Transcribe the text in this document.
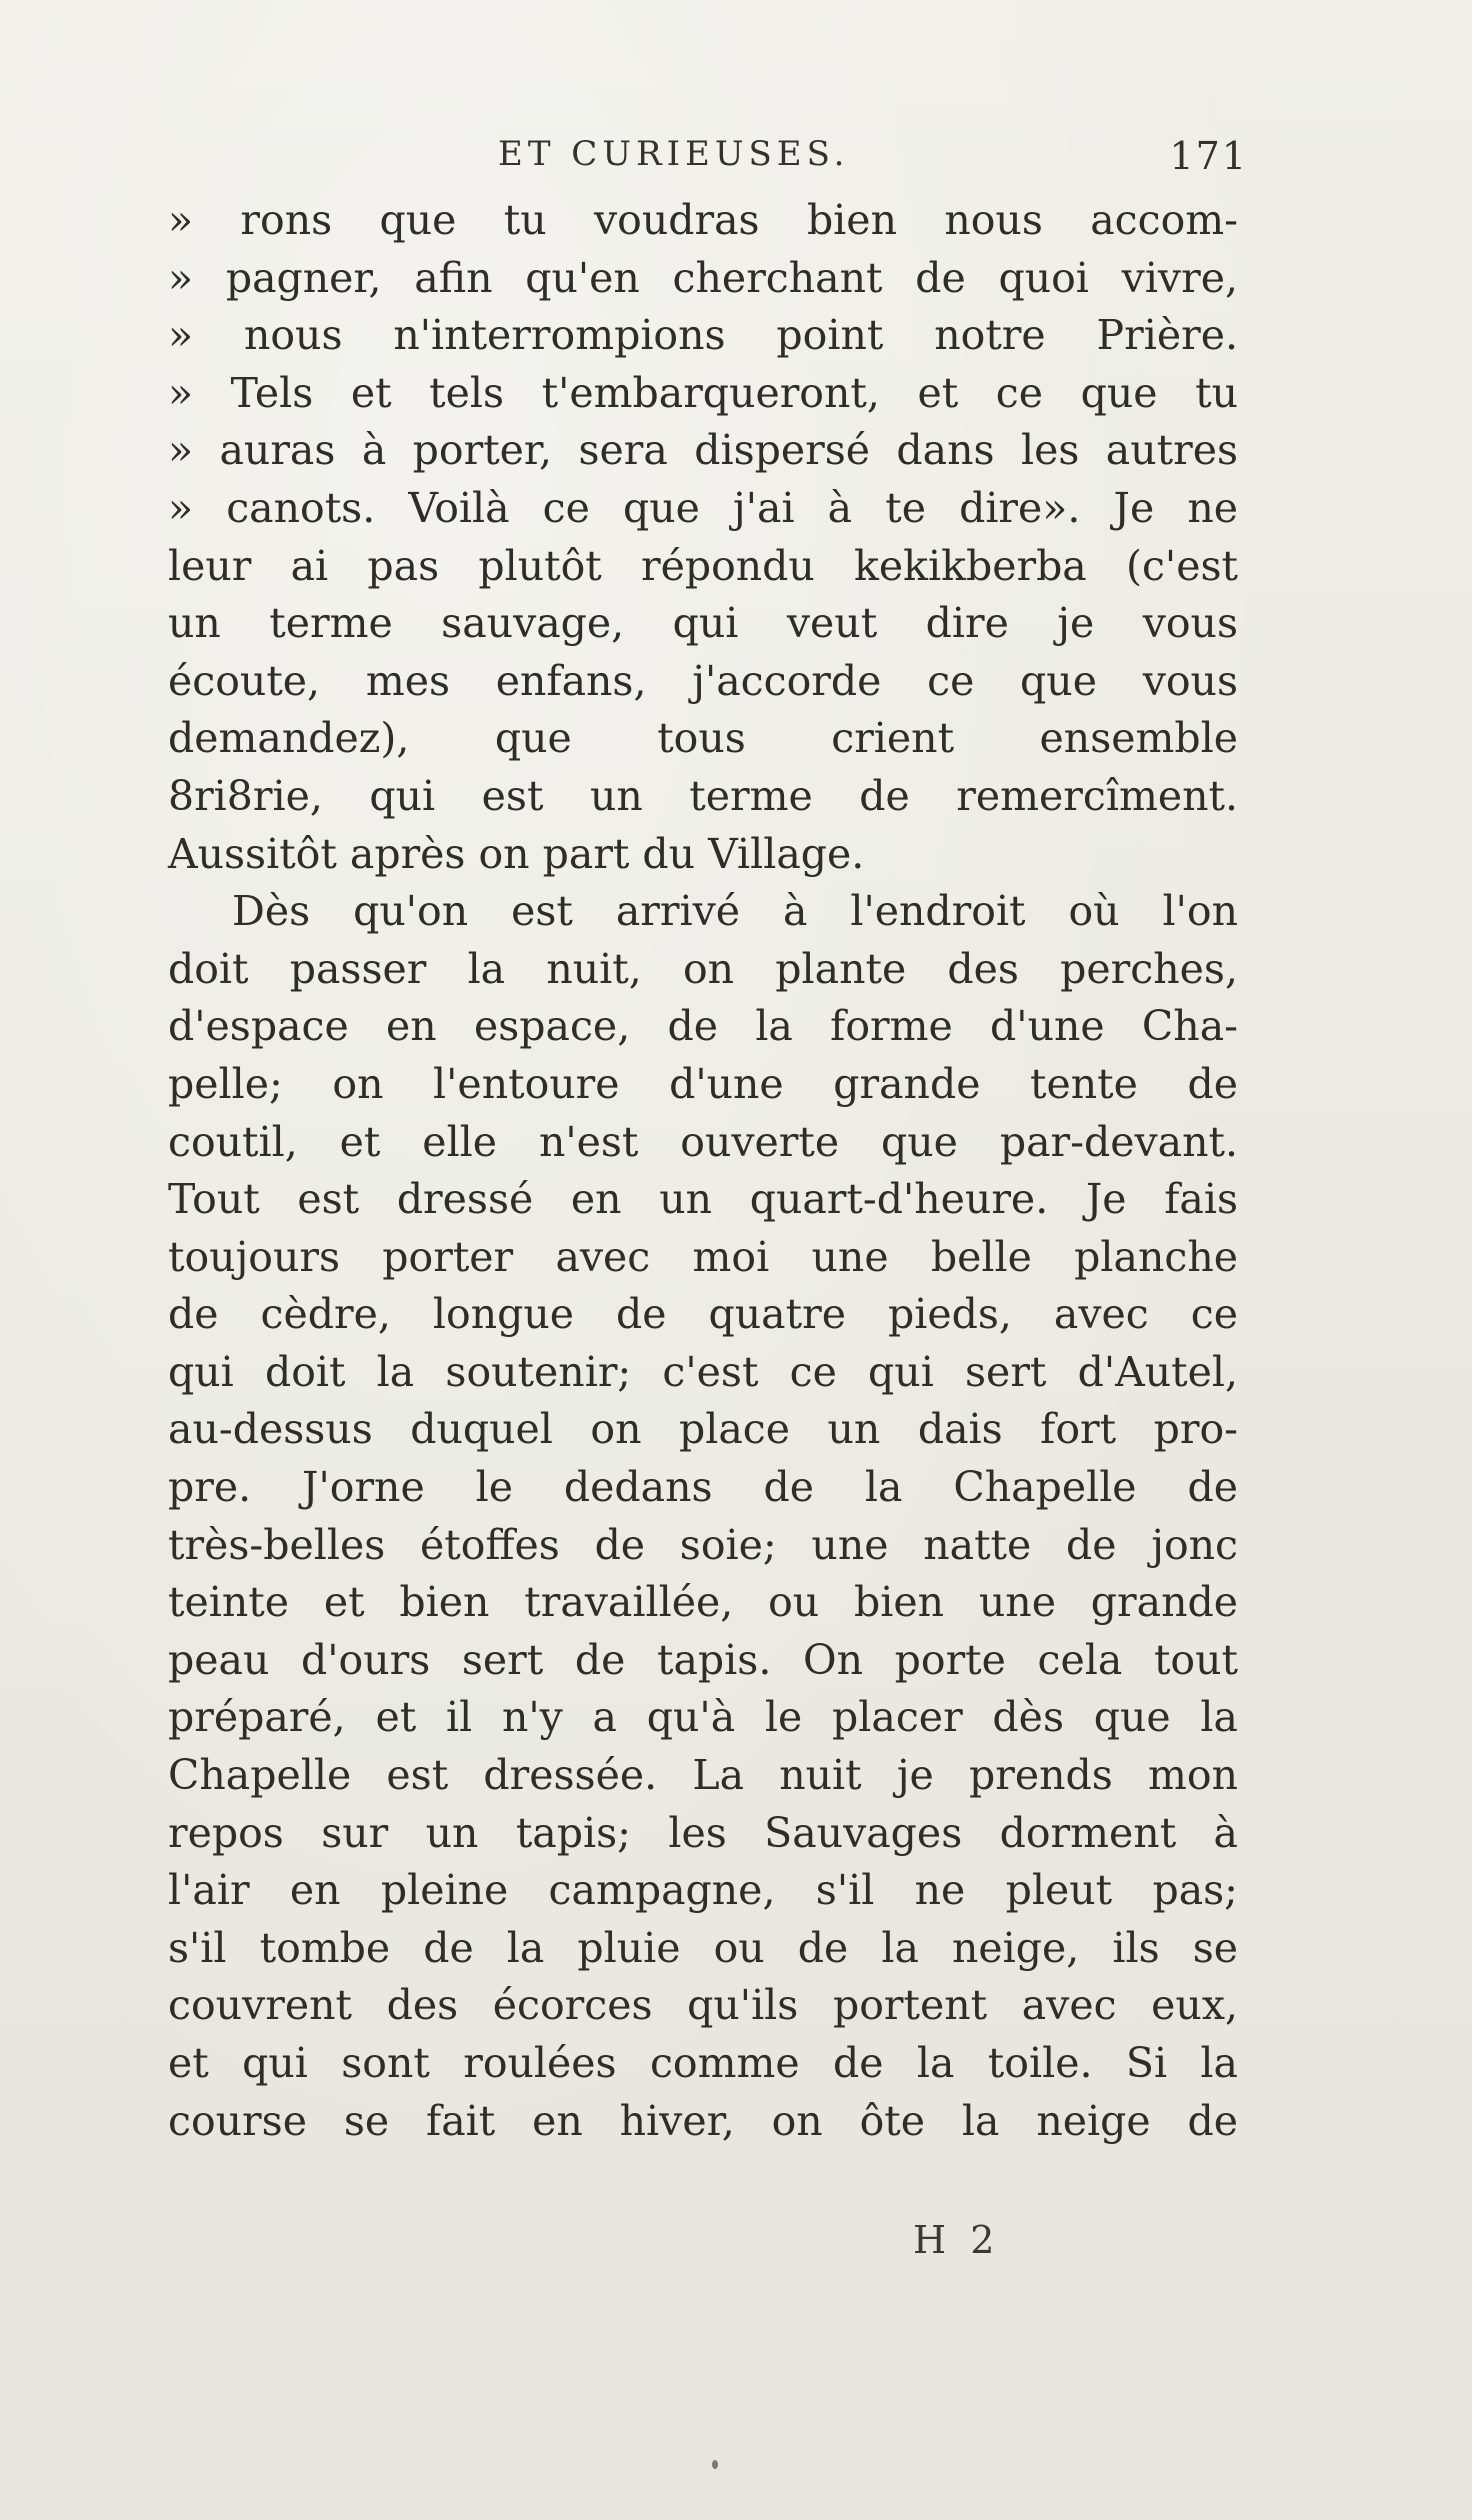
ET CURIEUSES.	171
» rons que tu voudras bien nous accom-
» pagner, afin qu'en cherchant de quoi vivre,
» nous n'interrompions point notre Prière.
» Tels et tels t'embarqueront, et ce que tu
» auras à porter, sera dispersé dans les autres
» canots. Voilà ce que j'ai à te dire». Je ne
leur ai pas plutôt répondu kekikberba (c'est
un terme sauvage, qui veut dire je vous
écoute, mes enfans, j'accorde ce que vous
demandez), que tous crient ensemble
8ri8rie, qui est un terme de remercîment.
Aussitôt après on part du Village.
Dès qu'on est arrivé à l'endroit où l'on
doit passer la nuit, on plante des perches,
d'espace en espace, de la forme d'une Cha-
pelle; on l'entoure d'une grande tente de
coutil, et elle n'est ouverte que par-devant.
Tout est dressé en un quart-d'heure. Je fais
toujours porter avec moi une belle planche
de cèdre, longue de quatre pieds, avec ce
qui doit la soutenir; c'est ce qui sert d'Autel,
au-dessus duquel on place un dais fort pro-
pre. J'orne le dedans de la Chapelle de
très-belles étoffes de soie; une natte de jonc
teinte et bien travaillée, ou bien une grande
peau d'ours sert de tapis. On porte cela tout
préparé, et il n'y a qu'à le placer dès que la
Chapelle est dressée. La nuit je prends mon
repos sur un tapis; les Sauvages dorment à
l'air en pleine campagne, s'il ne pleut pas;
s'il tombe de la pluie ou de la neige, ils se
couvrent des écorces qu'ils portent avec eux,
et qui sont roulées comme de la toile. Si la
course se fait en hiver, on ôte la neige de
H 2
